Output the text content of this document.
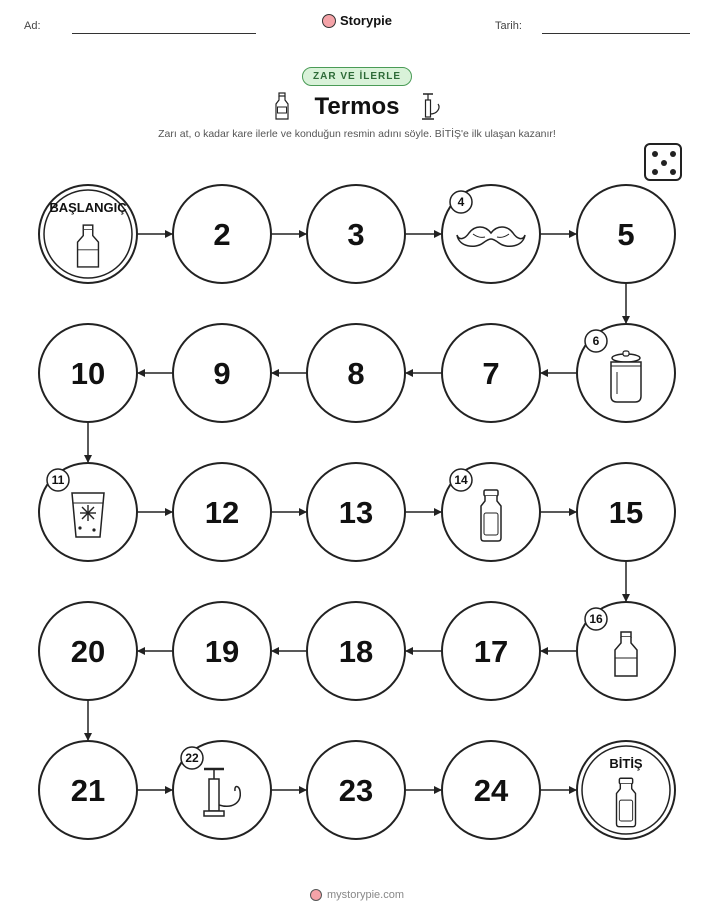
Ad:	Storypie	Tarih:
ZAR VE İLERLE
Termos
Zarı at, o kadar kare ilerle ve konduğun resmin adını söyle. BİTİŞ'e ilk ulaşan kazanır!
BAŞLANGIÇ
2	3
4
5
6
7
8
9
10
11
12	13
14
15
16
17
18
19
20
21
22
23	24
BİTİŞ
mystorypie.com
